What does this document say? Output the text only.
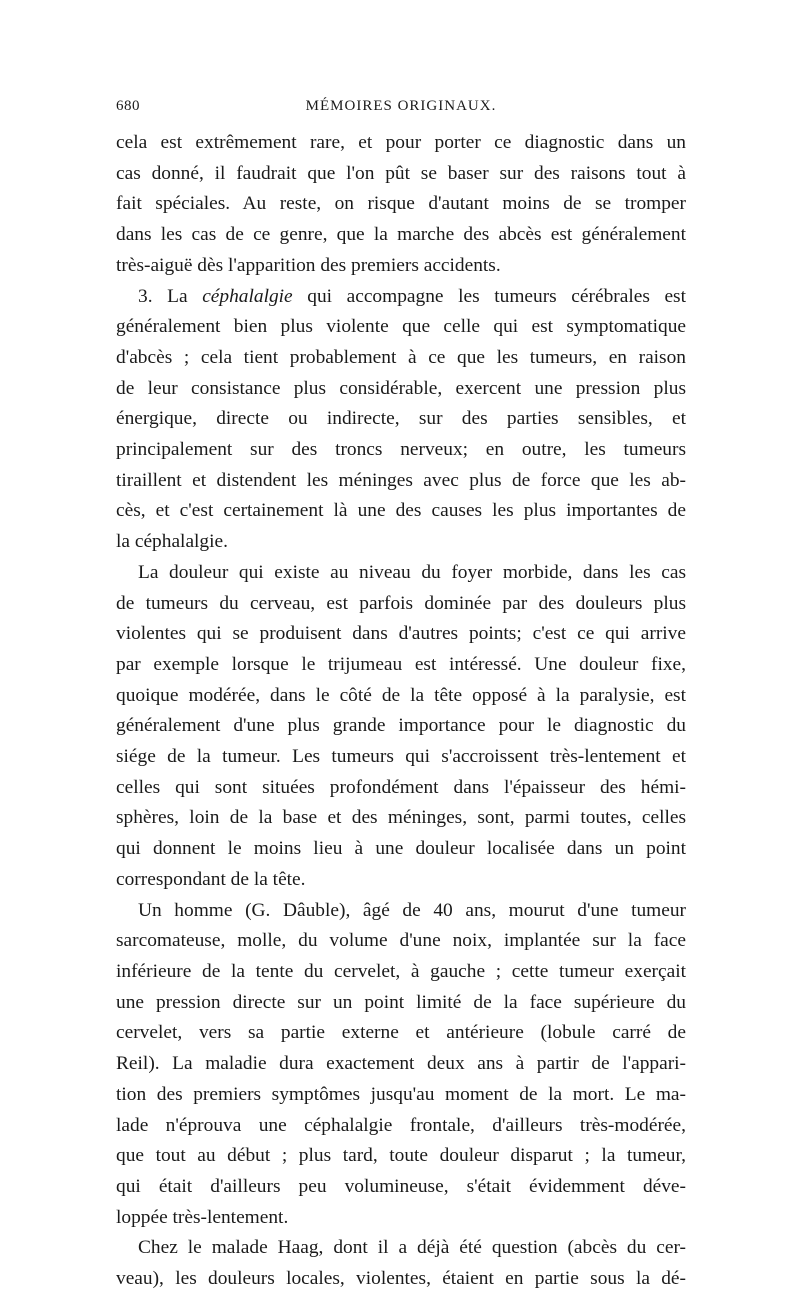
680	MÉMOIRES ORIGINAUX.

cela est extrêmement rare, et pour porter ce diagnostic dans un
cas donné, il faudrait que l'on pût se baser sur des raisons tout à
fait spéciales. Au reste, on risque d'autant moins de se tromper
dans les cas de ce genre, que la marche des abcès est généralement
très-aiguë dès l'apparition des premiers accidents.

3. La céphalalgie qui accompagne les tumeurs cérébrales est
généralement bien plus violente que celle qui est symptomatique
d'abcès ; cela tient probablement à ce que les tumeurs, en raison
de leur consistance plus considérable, exercent une pression plus
énergique, directe ou indirecte, sur des parties sensibles, et
principalement sur des troncs nerveux; en outre, les tumeurs
tiraillent et distendent les méninges avec plus de force que les ab-
cès, et c'est certainement là une des causes les plus importantes de
la céphalalgie.

La douleur qui existe au niveau du foyer morbide, dans les cas
de tumeurs du cerveau, est parfois dominée par des douleurs plus
violentes qui se produisent dans d'autres points; c'est ce qui arrive
par exemple lorsque le trijumeau est intéressé. Une douleur fixe,
quoique modérée, dans le côté de la tête opposé à la paralysie, est
généralement d'une plus grande importance pour le diagnostic du
siége de la tumeur. Les tumeurs qui s'accroissent très-lentement et
celles qui sont situées profondément dans l'épaisseur des hémi-
sphères, loin de la base et des méninges, sont, parmi toutes, celles
qui donnent le moins lieu à une douleur localisée dans un point
correspondant de la tête.

Un homme (G. Dâuble), âgé de 40 ans, mourut d'une tumeur
sarcomateuse, molle, du volume d'une noix, implantée sur la face
inférieure de la tente du cervelet, à gauche ; cette tumeur exerçait
une pression directe sur un point limité de la face supérieure du
cervelet, vers sa partie externe et antérieure (lobule carré de
Reil). La maladie dura exactement deux ans à partir de l'appari-
tion des premiers symptômes jusqu'au moment de la mort. Le ma-
lade n'éprouva une céphalalgie frontale, d'ailleurs très-modérée,
que tout au début ; plus tard, toute douleur disparut ; la tumeur,
qui était d'ailleurs peu volumineuse, s'était évidemment déve-
loppée très-lentement.

Chez le malade Haag, dont il a déjà été question (abcès du cer-
veau), les douleurs locales, violentes, étaient en partie sous la dé-
